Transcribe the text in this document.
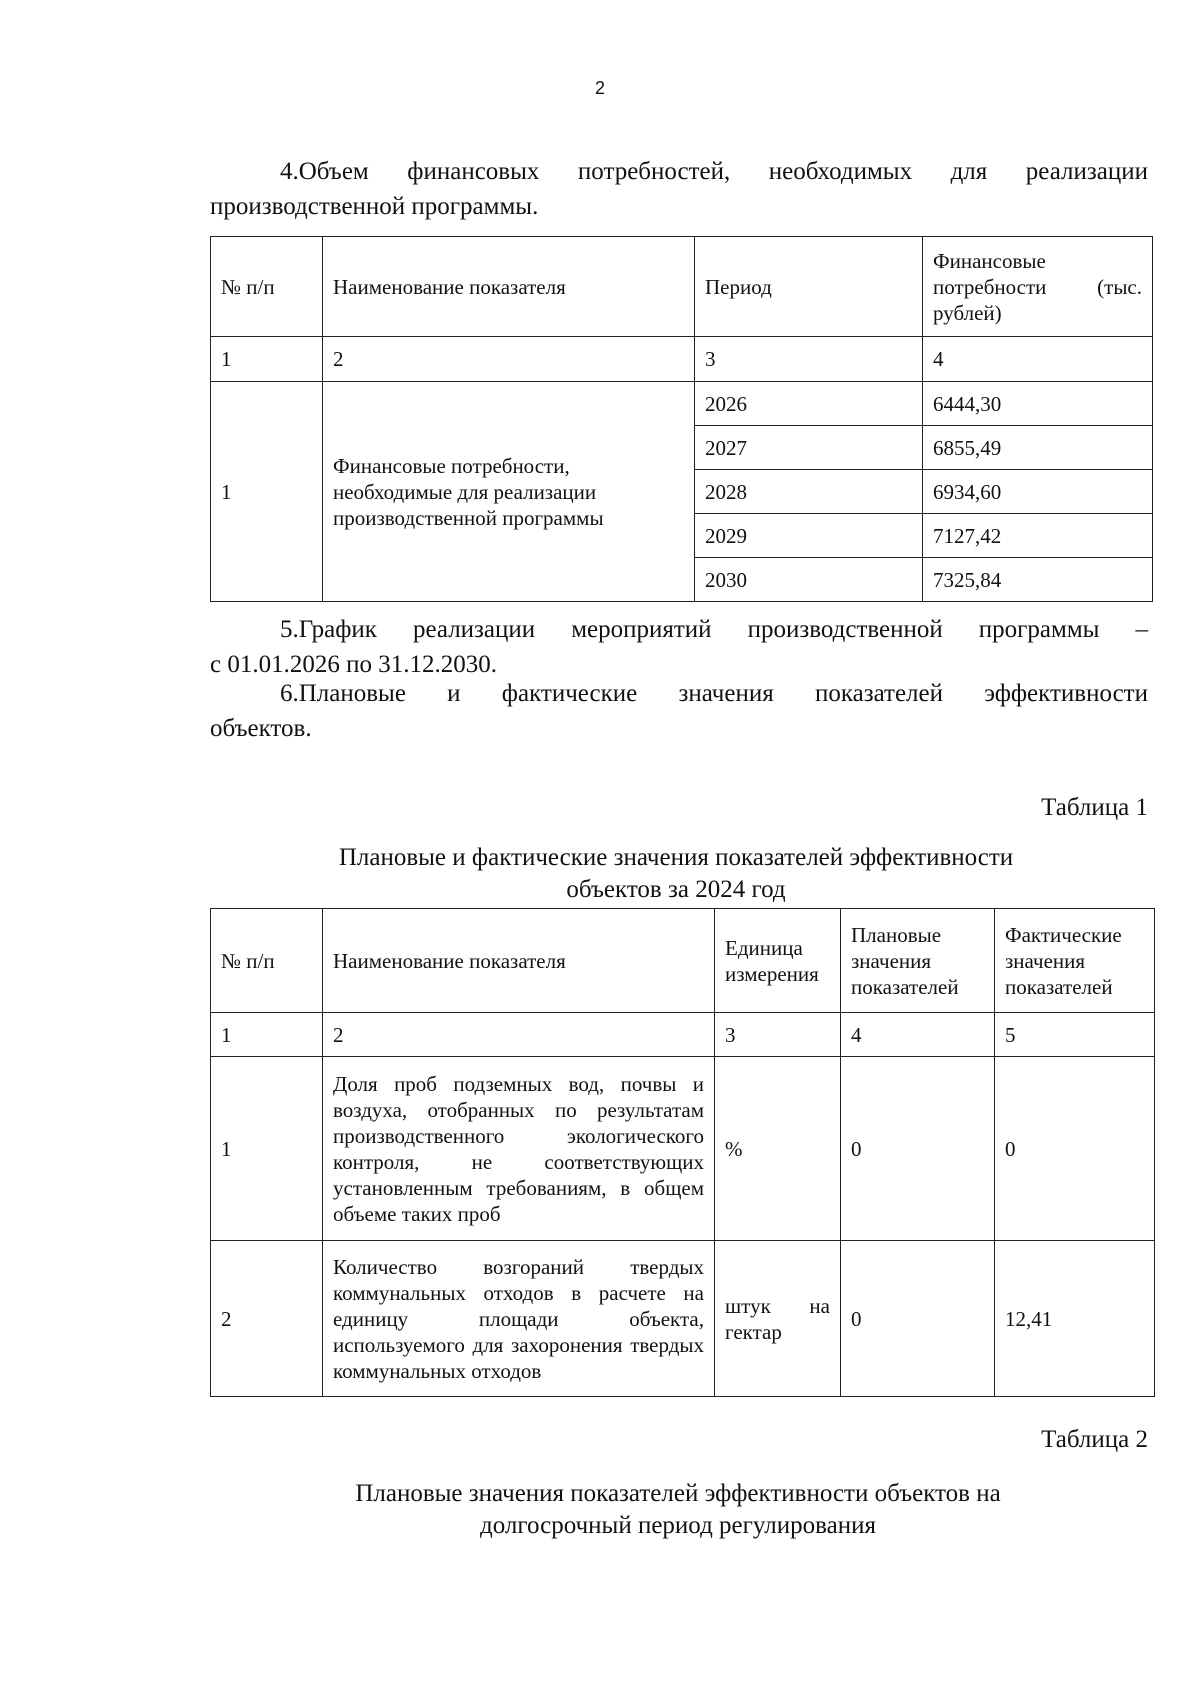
2
4.Объем финансовых потребностей, необходимых для реализации
производственной программы.
№ п/п	Наименование показателя	Период	Финансовые потребности (тыс. рублей)
1	2	3	4
1	Финансовые потребности, необходимые для реализации производственной программы	2026	6444,30
		2027	6855,49
		2028	6934,60
		2029	7127,42
		2030	7325,84
5.График реализации мероприятий производственной программы –
с 01.01.2026 по 31.12.2030.
6.Плановые и фактические значения показателей эффективности
объектов.
Таблица 1
Плановые и фактические значения показателей эффективности
объектов за 2024 год
№ п/п	Наименование показателя	Единица измерения	Плановые значения показателей	Фактические значения показателей
1	2	3	4	5
1	Доля проб подземных вод, почвы и воздуха, отобранных по результатам производственного экологического контроля, не соответствующих установленным требованиям, в общем объеме таких проб	%	0	0
2	Количество возгораний твердых коммунальных отходов в расчете на единицу площади объекта, используемого для захоронения твердых коммунальных отходов	штук на гектар	0	12,41
Таблица 2
Плановые значения показателей эффективности объектов на
долгосрочный период регулирования
